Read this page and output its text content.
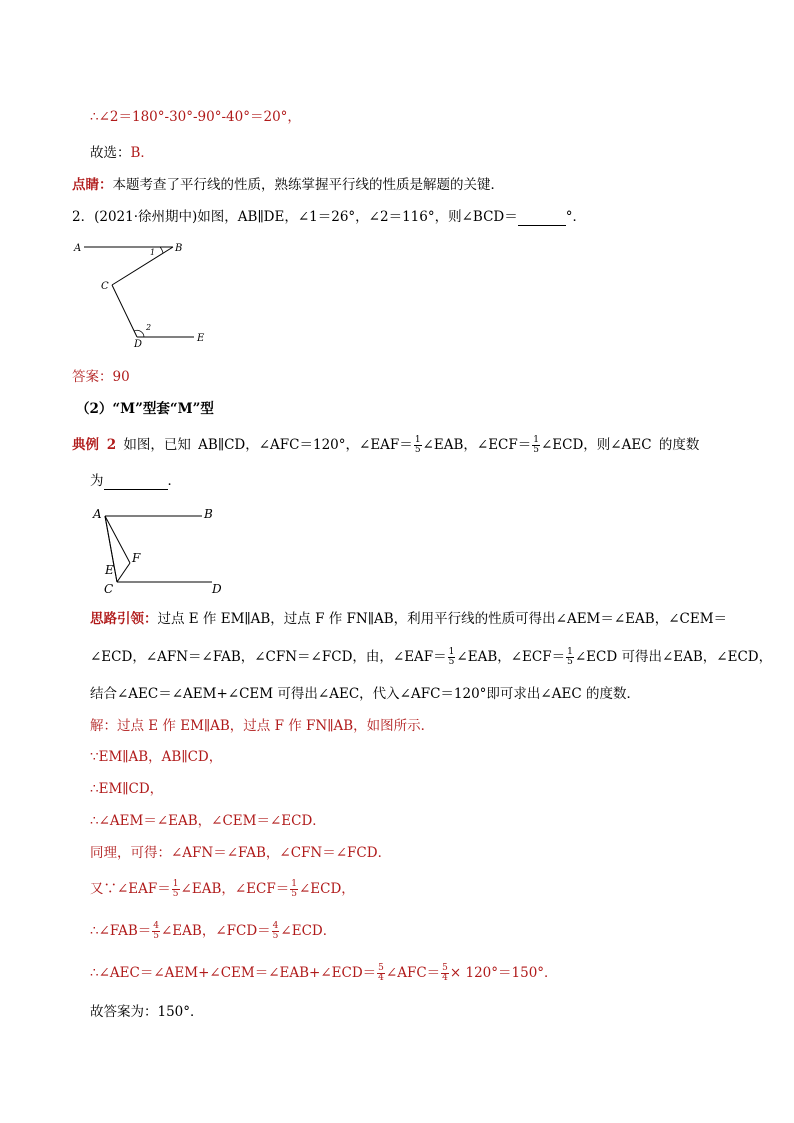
∴∠2＝180°-30°-90°-40°＝20°，
故选：B．
点睛：本题考查了平行线的性质，熟练掌握平行线的性质是解题的关键．
2．(2021·徐州期中)如图，AB∥DE，∠1＝26°，∠2＝116°，则∠BCD＝	°．
A	B
C
D
E
1
2
答案：90
（2）“M”型套“M”型
典例 2 如图，已知 AB∥CD，∠AFC＝120°，∠EAF＝ $\frac{1}{5}$ ∠EAB，∠ECF＝ $\frac{1}{5}$ ∠ECD，则∠AEC 的度数
为	．
A	B
C	D
E
F
思路引领：过点 E 作 EM∥AB，过点 F 作 FN∥AB，利用平行线的性质可得出∠AEM＝∠EAB，∠CEM＝
∠ECD，∠AFN＝∠FAB，∠CFN＝∠FCD，由，∠EAF＝ $\frac{1}{5}$ ∠EAB，∠ECF＝ $\frac{1}{5}$ ∠ECD 可得出∠EAB，∠ECD，
结合∠AEC＝∠AEM+∠CEM 可得出∠AEC，代入∠AFC＝120°即可求出∠AEC 的度数．
解：过点 E 作 EM∥AB，过点 F 作 FN∥AB，如图所示．
∵EM∥AB，AB∥CD，
∴EM∥CD，
∴∠AEM＝∠EAB，∠CEM＝∠ECD．
同理，可得：∠AFN＝∠FAB，∠CFN＝∠FCD．
又∵∠EAF＝ $\frac{1}{5}$ ∠EAB，∠ECF＝ $\frac{1}{5}$ ∠ECD，
∴∠FAB＝ $\frac{4}{5}$ ∠EAB，∠FCD＝ $\frac{4}{5}$ ∠ECD．
∴∠AEC＝∠AEM+∠CEM＝∠EAB+∠ECD＝ $\frac{5}{4}$ ∠AFC＝ $\frac{5}{4} \times 120^\circ=150^\circ$．
故答案为：150°．
